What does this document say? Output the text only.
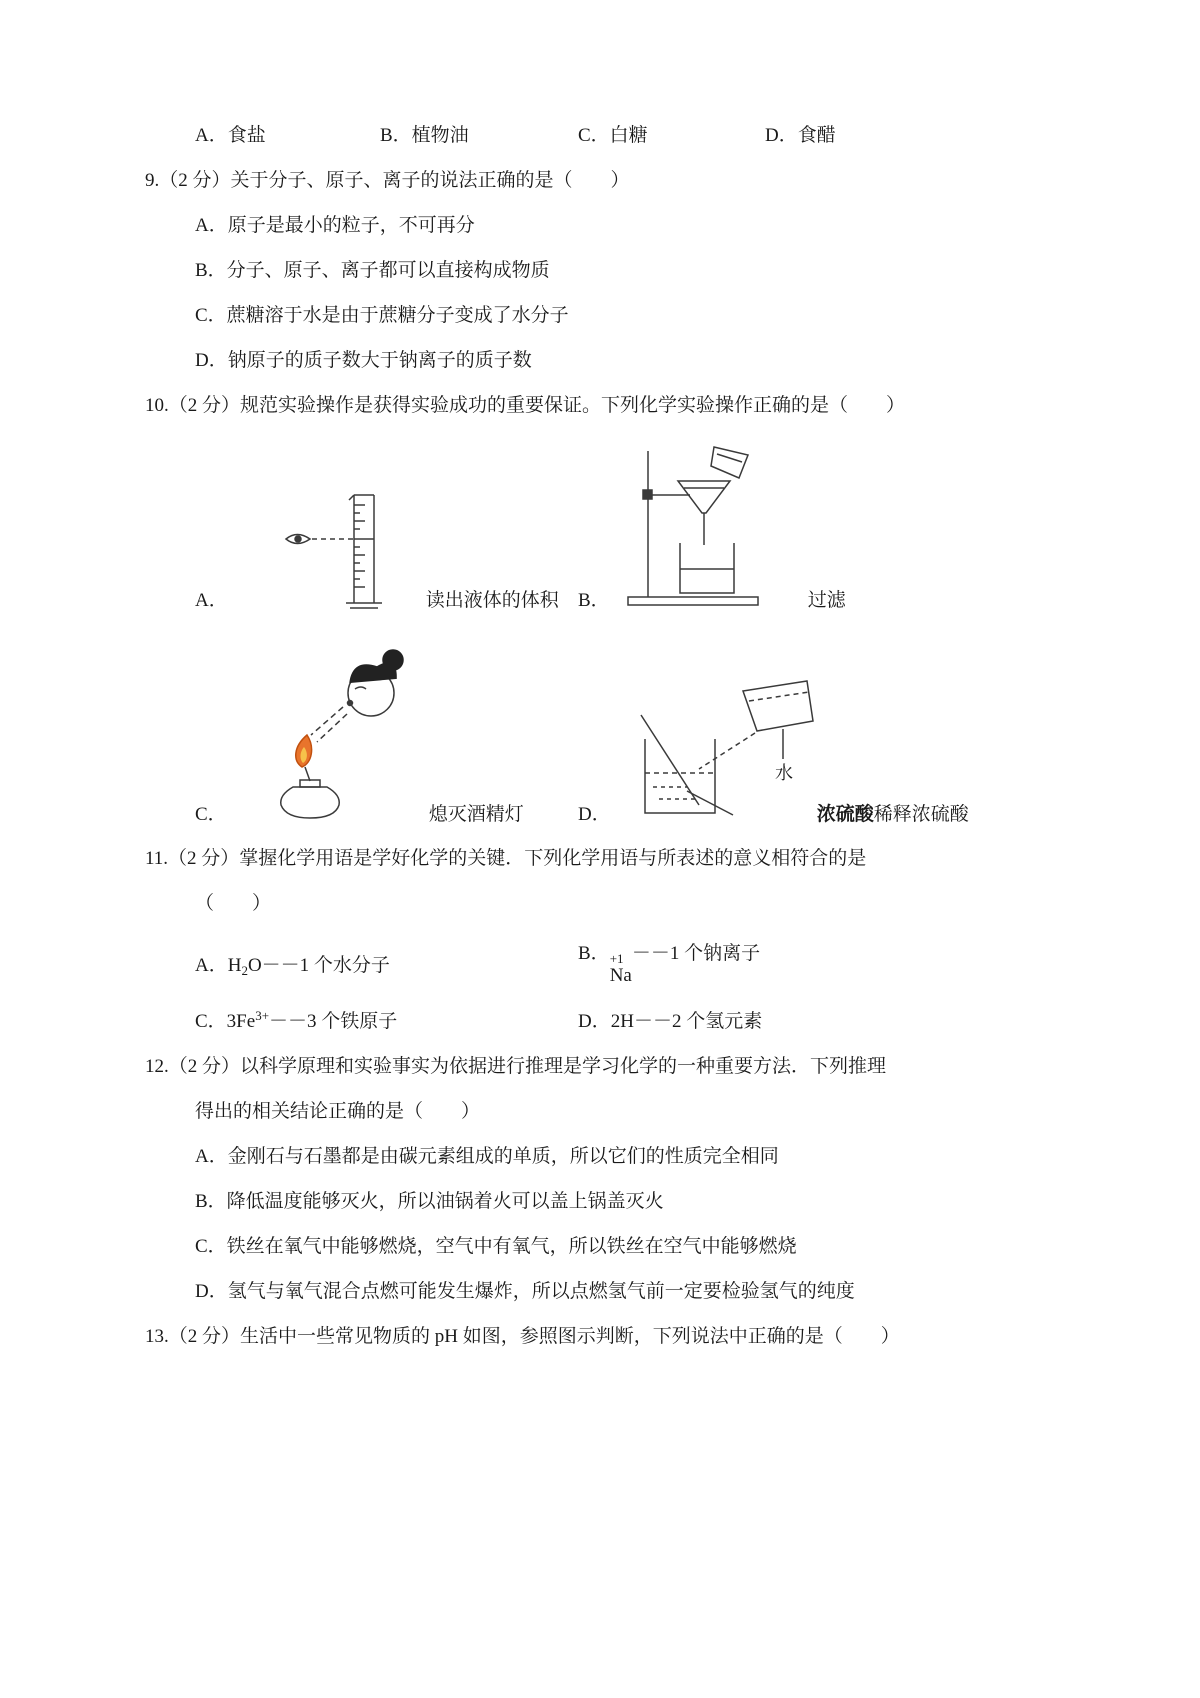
A．食盐	B．植物油	C．白糖	D．食醋

9.（2 分）关于分子、原子、离子的说法正确的是（　　）

A．原子是最小的粒子，不可再分

B．分子、原子、离子都可以直接构成物质

C．蔗糖溶于水是由于蔗糖分子变成了水分子

D．钠原子的质子数大于钠离子的质子数

10.（2 分）规范实验操作是获得实验成功的重要保证。下列化学实验操作正确的是（　　）

A．	读出液体的体积 B．	过滤
C．	熄灭酒精灯	D．
水
浓硫酸 稀释浓硫酸

11.（2 分）掌握化学用语是学好化学的关键．下列化学用语与所表述的意义相符合的是

（　　）

A．$H_2O--1$ 个水分子
B． +1
Na
－－1 个钠离子
C．$3Fe^{3+}--3$ 个铁原子	D．2H－－2 个氢元素

12.（2 分）以科学原理和实验事实为依据进行推理是学习化学的一种重要方法．下列推理

得出的相关结论正确的是（　　）

A．金刚石与石墨都是由碳元素组成的单质，所以它们的性质完全相同

B．降低温度能够灭火，所以油锅着火可以盖上锅盖灭火

C．铁丝在氧气中能够燃烧，空气中有氧气，所以铁丝在空气中能够燃烧

D．氢气与氧气混合点燃可能发生爆炸，所以点燃氢气前一定要检验氢气的纯度

13.（2 分）生活中一些常见物质的 pH 如图，参照图示判断，下列说法中正确的是（　　）
